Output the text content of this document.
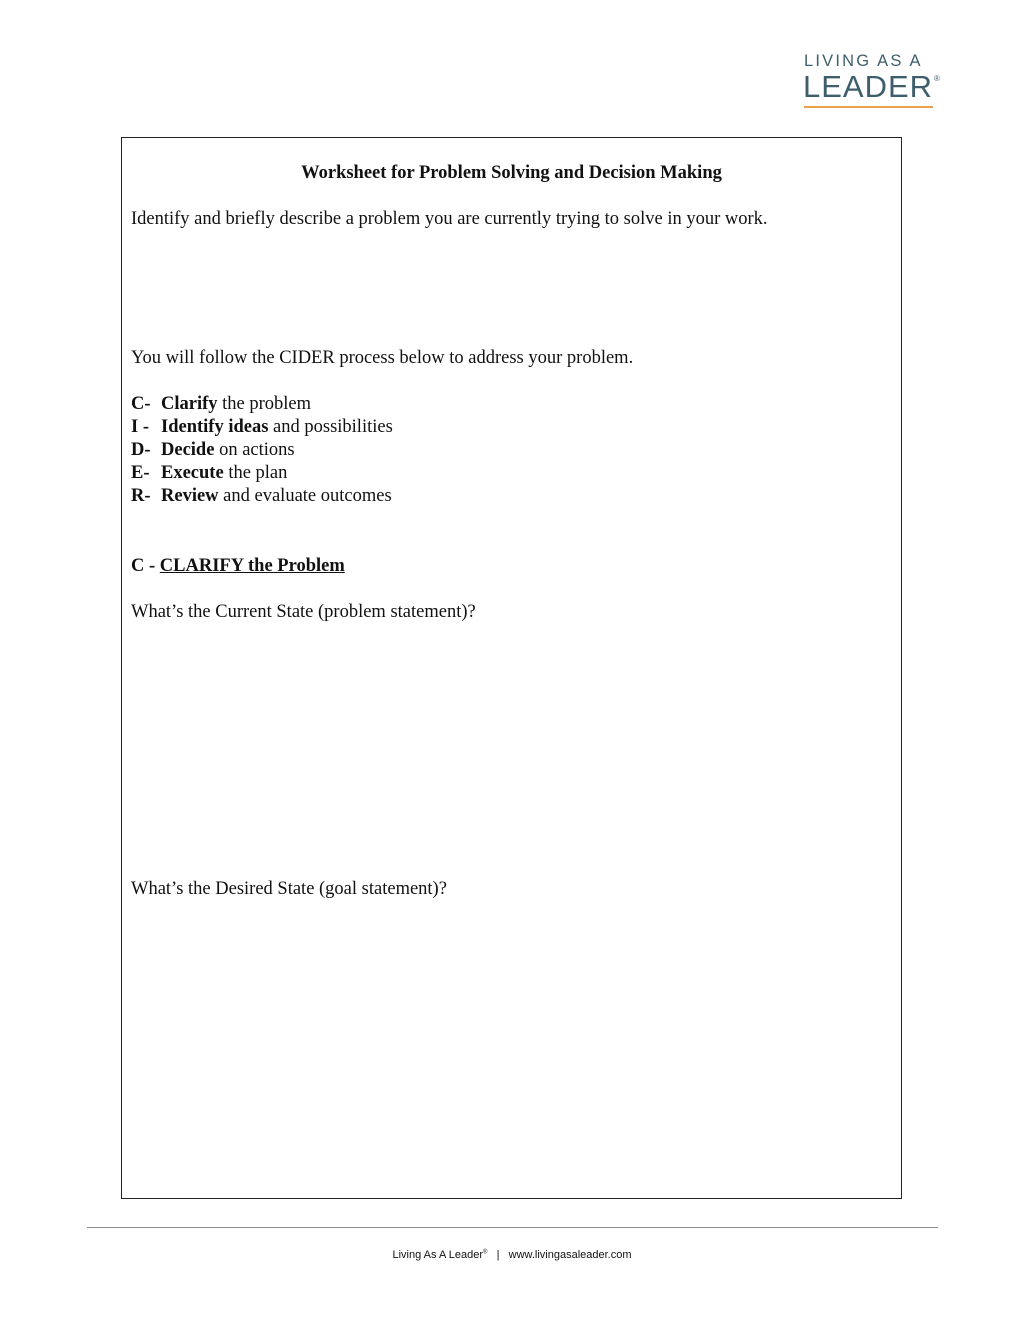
LIVING AS A
LEADER ®
Worksheet for Problem Solving and Decision Making
Identify and briefly describe a problem you are currently trying to solve in your work.
You will follow the CIDER process below to address your problem.
C- Clarify the problem
I - Identify ideas and possibilities
D- Decide on actions
E- Execute the plan
R- Review and evaluate outcomes
C - CLARIFY the Problem
What’s the Current State (problem statement)?
What’s the Desired State (goal statement)?
Living As A Leader® | www.livingasaleader.com
